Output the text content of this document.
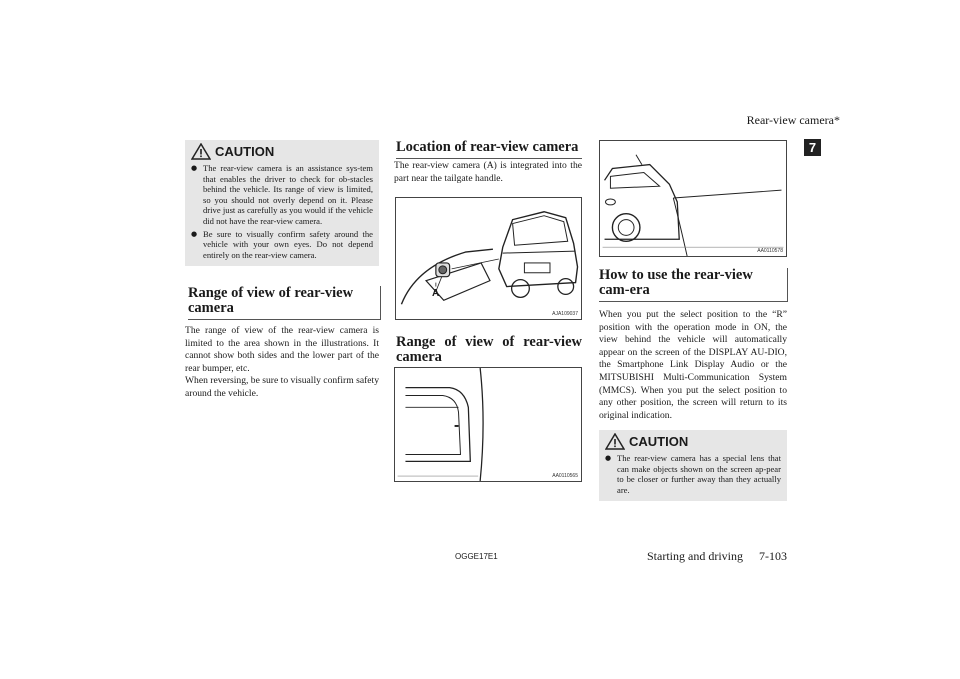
Rear-view camera*
7
CAUTION
● The rear-view camera is an assistance sys-tem that enables the driver to check for ob-stacles behind the vehicle. Its range of view is limited, so you should not overly depend on it. Please drive just as carefully as you would if the vehicle did not have the rear-view camera.
● Be sure to visually confirm safety around the vehicle with your own eyes. Do not depend entirely on the rear-view camera.
Range of view of rear-view camera
The range of view of the rear-view camera is limited to the area shown in the illustrations. It cannot show both sides and the lower part of the rear bumper, etc.
When reversing, be sure to visually confirm safety around the vehicle.
Location of rear-view camera
The rear-view camera (A) is integrated into the part near the tailgate handle.
A
AJA109037
Range of view of rear-view camera
AA0110565
AA0110578
How to use the rear-view cam-era
When you put the select position to the “R” position with the operation mode in ON, the view behind the vehicle will automatically appear on the screen of the DISPLAY AU-DIO, the Smartphone Link Display Audio or the MITSUBISHI Multi-Communication System (MMCS). When you put the select position to any other position, the screen will return to its original indication.
CAUTION
● The rear-view camera has a special lens that can make objects shown on the screen ap-pear to be closer or further away than they actually are.
OGGE17E1	Starting and driving 7-103
